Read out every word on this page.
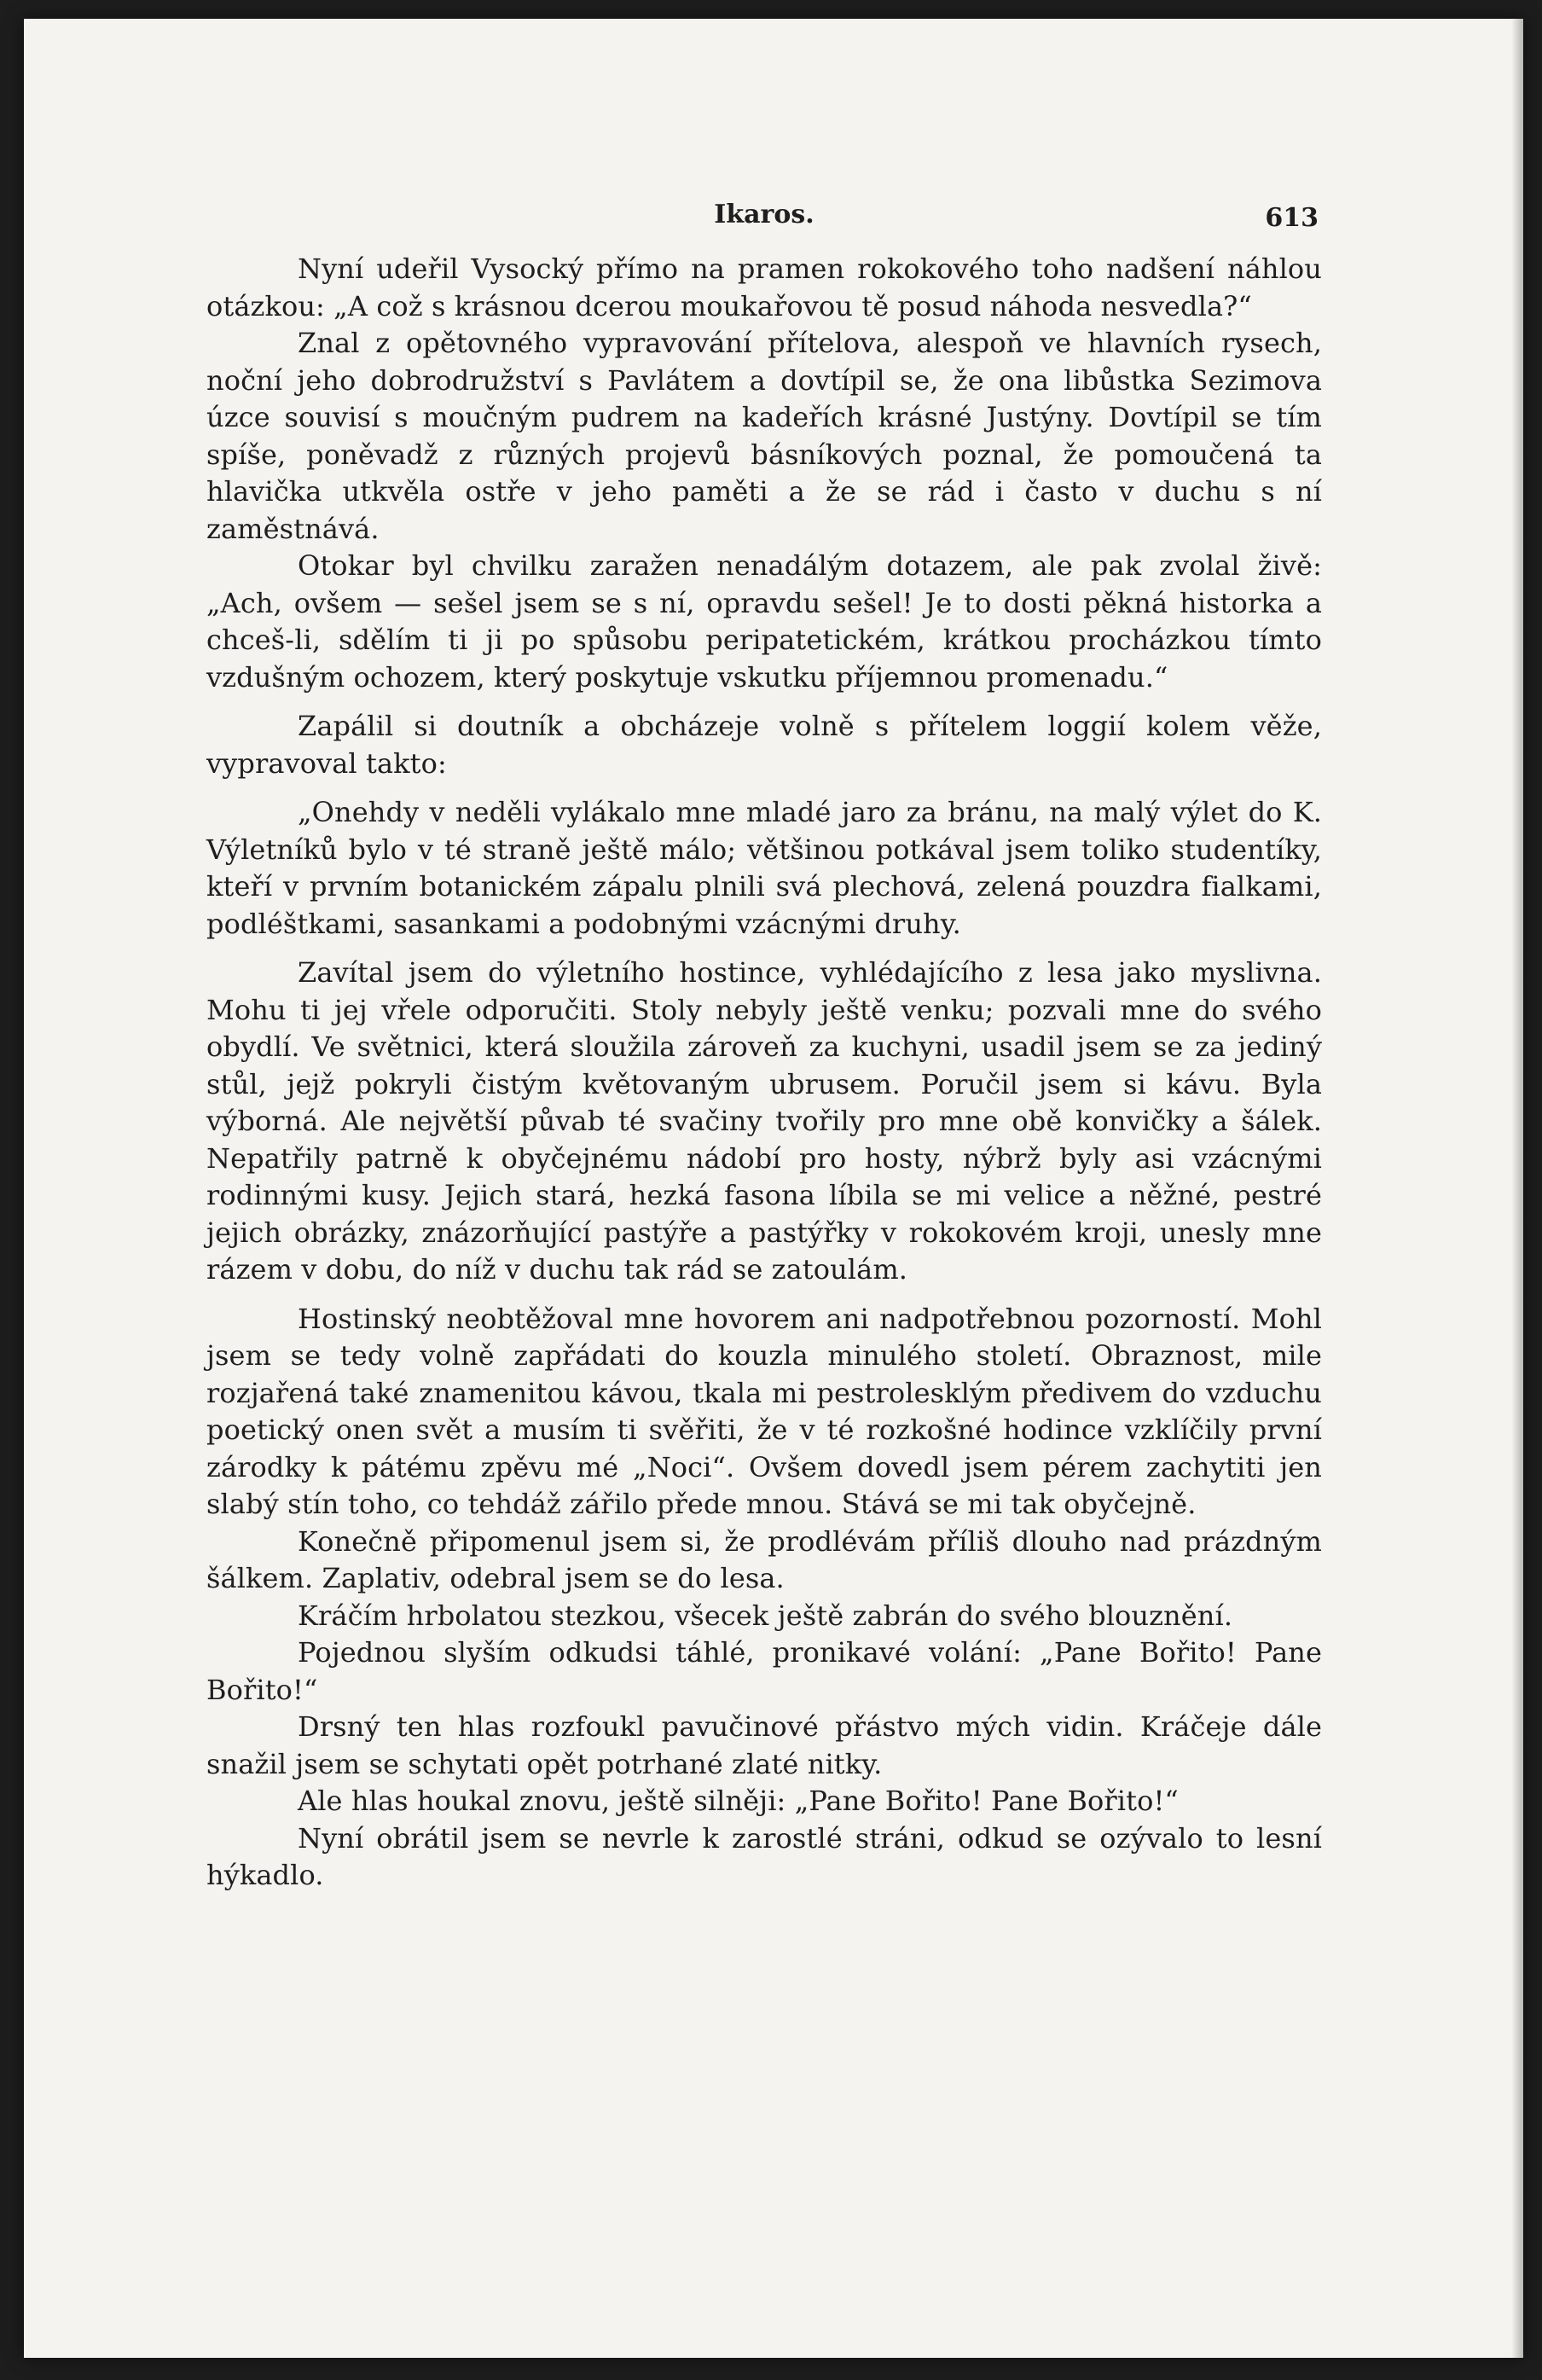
Ikaros.	613

Nyní udeřil Vysocký přímo na pramen rokokového toho nadšení náhlou otázkou: „A což s krásnou dcerou moukařovou tě posud náhoda nesvedla?“

Znal z opětovného vypravování přítelova, alespoň ve hlavních rysech, noční jeho dobrodružství s Pavlátem a dovtípil se, že ona libůstka Sezimova úzce souvisí s moučným pudrem na kadeřích krásné Justýny. Dovtípil se tím spíše, poněvadž z různých projevů básníkových poznal, že pomoučená ta hlavička utkvěla ostře v jeho paměti a že se rád i často v duchu s ní zaměstnává.

Otokar byl chvilku zaražen nenadálým dotazem, ale pak zvolal živě: „Ach, ovšem — sešel jsem se s ní, opravdu sešel! Je to dosti pěkná historka a chceš-li, sdělím ti ji po spůsobu peripatetickém, krátkou procházkou tímto vzdušným ochozem, který poskytuje vskutku příjemnou promenadu.“

Zapálil si doutník a obcházeje volně s přítelem loggií kolem věže, vypravoval takto:

„Onehdy v neděli vylákalo mne mladé jaro za bránu, na malý výlet do K. Výletníků bylo v té straně ještě málo; většinou potkával jsem toliko studentíky, kteří v prvním botanickém zápalu plnili svá plechová, zelená pouzdra fialkami, podléštkami, sasankami a podobnými vzácnými druhy.

Zavítal jsem do výletního hostince, vyhlédajícího z lesa jako myslivna. Mohu ti jej vřele odporučiti. Stoly nebyly ještě venku; pozvali mne do svého obydlí. Ve světnici, která sloužila zároveň za kuchyni, usadil jsem se za jediný stůl, jejž pokryli čistým květovaným ubrusem. Poručil jsem si kávu. Byla výborná. Ale největší půvab té svačiny tvořily pro mne obě konvičky a šálek. Nepatřily patrně k obyčejnému nádobí pro hosty, nýbrž byly asi vzácnými rodinnými kusy. Jejich stará, hezká fasona líbila se mi velice a něžné, pestré jejich obrázky, znázorňující pastýře a pastýřky v rokokovém kroji, unesly mne rázem v dobu, do níž v duchu tak rád se zatoulám.

Hostinský neobtěžoval mne hovorem ani nadpotřebnou pozorností. Mohl jsem se tedy volně zapřádati do kouzla minulého století. Obraznost, mile rozjařená také znamenitou kávou, tkala mi pestrolesklým předivem do vzduchu poetický onen svět a musím ti svěřiti, že v té rozkošné hodince vzklíčily první zárodky k pátému zpěvu mé „Noci“. Ovšem dovedl jsem pérem zachytiti jen slabý stín toho, co tehdáž zářilo přede mnou. Stává se mi tak obyčejně.

Konečně připomenul jsem si, že prodlévám příliš dlouho nad prázdným šálkem. Zaplativ, odebral jsem se do lesa.

Kráčím hrbolatou stezkou, všecek ještě zabrán do svého blouznění.

Pojednou slyším odkudsi táhlé, pronikavé volání: „Pane Bořito! Pane Bořito!“

Drsný ten hlas rozfoukl pavučinové přástvo mých vidin. Kráčeje dále snažil jsem se schytati opět potrhané zlaté nitky.

Ale hlas houkal znovu, ještě silněji: „Pane Bořito! Pane Bořito!“

Nyní obrátil jsem se nevrle k zarostlé stráni, odkud se ozývalo to lesní hýkadlo.
